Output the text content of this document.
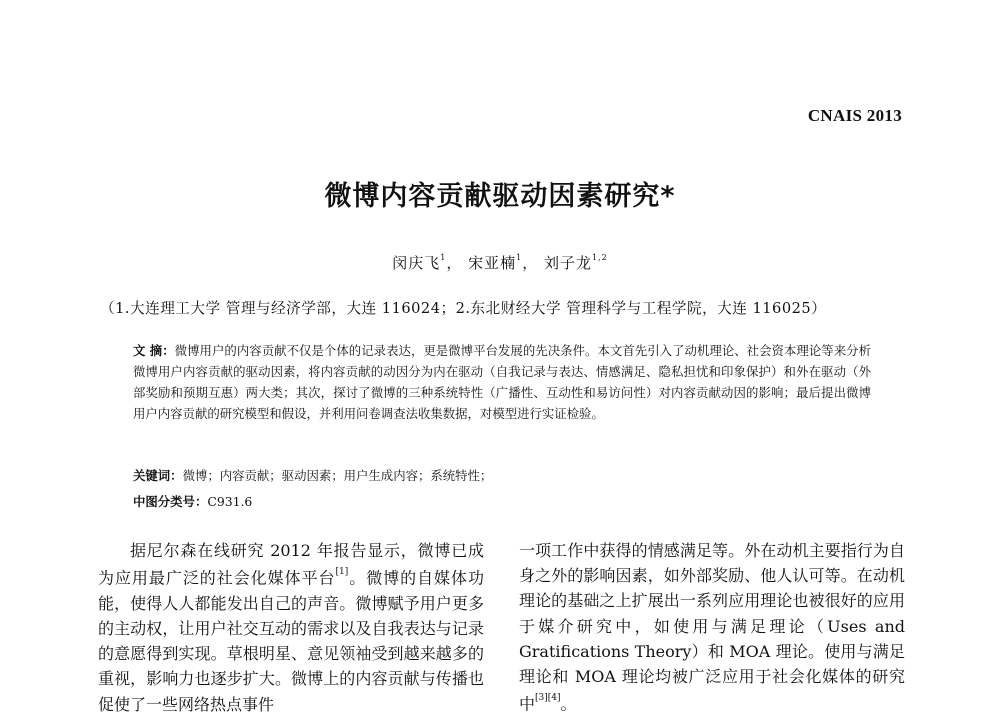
CNAIS 2013
微博内容贡献驱动因素研究*
闵庆飞$^1$， 宋亚楠$^1$， 刘子龙$^{1,2}$
（1.大连理工大学 管理与经济学部，大连 116024；2.东北财经大学 管理科学与工程学院，大连 116025）
文 摘：微博用户的内容贡献不仅是个体的记录表达，更是微博平台发展的先决条件。本文首先引入了动机理论、社会资本理论等来分析微博用户内容贡献的驱动因素，将内容贡献的动因分为内在驱动（自我记录与表达、情感满足、隐私担忧和印象保护）和外在驱动（外部奖励和预期互惠）两大类；其次，探讨了微博的三种系统特性（广播性、互动性和易访问性）对内容贡献动因的影响；最后提出微博用户内容贡献的研究模型和假设，并利用问卷调查法收集数据，对模型进行实证检验。
关键词：微博；内容贡献；驱动因素；用户生成内容；系统特性；
中图分类号：C931.6

据尼尔森在线研究 2012 年报告显示，微博已成为应用最广泛的社会化媒体平台[1]。微博的自媒体功能，使得人人都能发出自己的声音。微博赋予用户更多的主动权，让用户社交互动的需求以及自我表达与记录的意愿得到实现。草根明星、意见领袖受到越来越多的重视，影响力也逐步扩大。微博上的内容贡献与传播也促使了一些网络热点事件

一项工作中获得的情感满足等。外在动机主要指行为自身之外的影响因素，如外部奖励、他人认可等。在动机理论的基础之上扩展出一系列应用理论也被很好的应用于媒介研究中，如使用与满足理论（Uses and Gratifications Theory）和 MOA 理论。使用与满足理论和 MOA 理论均被广泛应用于社会化媒体的研究中[3][4]。
